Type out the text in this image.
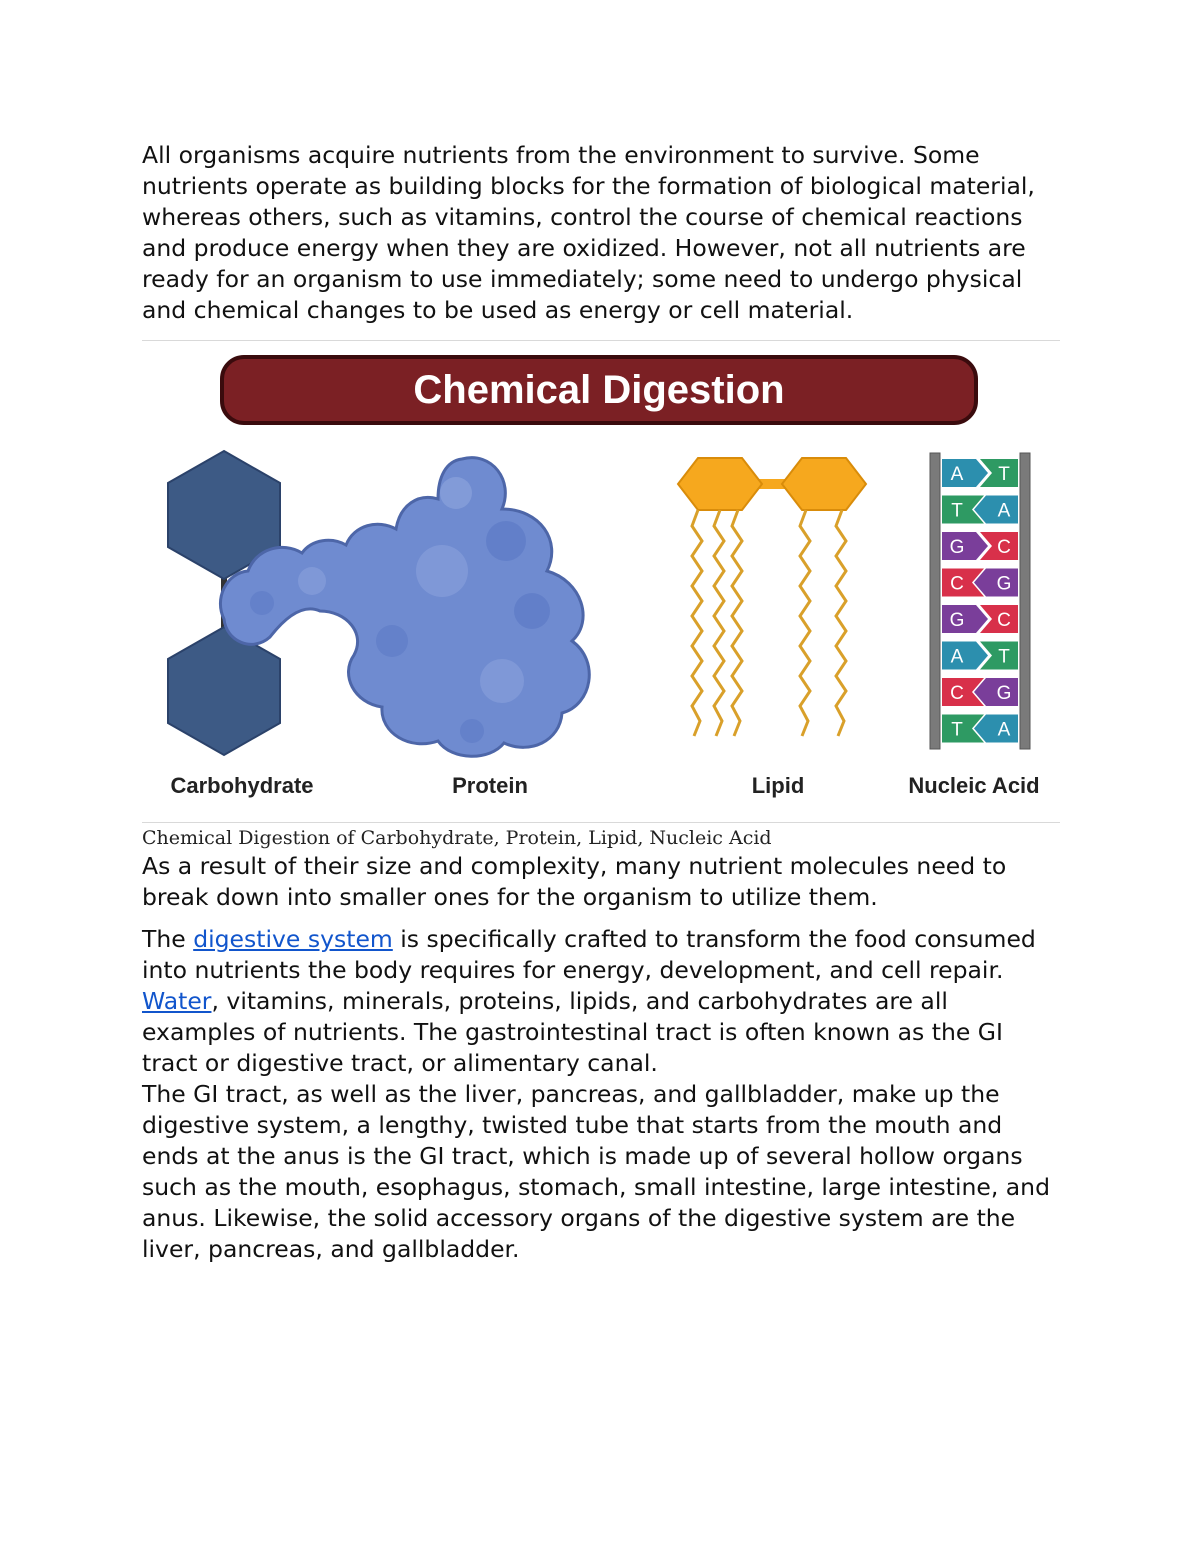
All organisms acquire nutrients from the environment to survive. Some nutrients operate as building blocks for the formation of biological material, whereas others, such as vitamins, control the course of chemical reactions and produce energy when they are oxidized. However, not all nutrients are ready for an organism to use immediately; some need to undergo physical and chemical changes to be used as energy or cell material.

Chemical Digestion
A T
T A
G C
C G
G C
A T
C G
T A
Carbohydrate	Protein	Lipid	Nucleic Acid

Chemical Digestion of Carbohydrate, Protein, Lipid, Nucleic Acid

As a result of their size and complexity, many nutrient molecules need to break down into smaller ones for the organism to utilize them.

The digestive system is specifically crafted to transform the food consumed into nutrients the body requires for energy, development, and cell repair. Water, vitamins, minerals, proteins, lipids, and carbohydrates are all examples of nutrients. The gastrointestinal tract is often known as the GI tract or digestive tract, or alimentary canal.

The GI tract, as well as the liver, pancreas, and gallbladder, make up the digestive system, a lengthy, twisted tube that starts from the mouth and ends at the anus is the GI tract, which is made up of several hollow organs such as the mouth, esophagus, stomach, small intestine, large intestine, and anus. Likewise, the solid accessory organs of the digestive system are the liver, pancreas, and gallbladder.
